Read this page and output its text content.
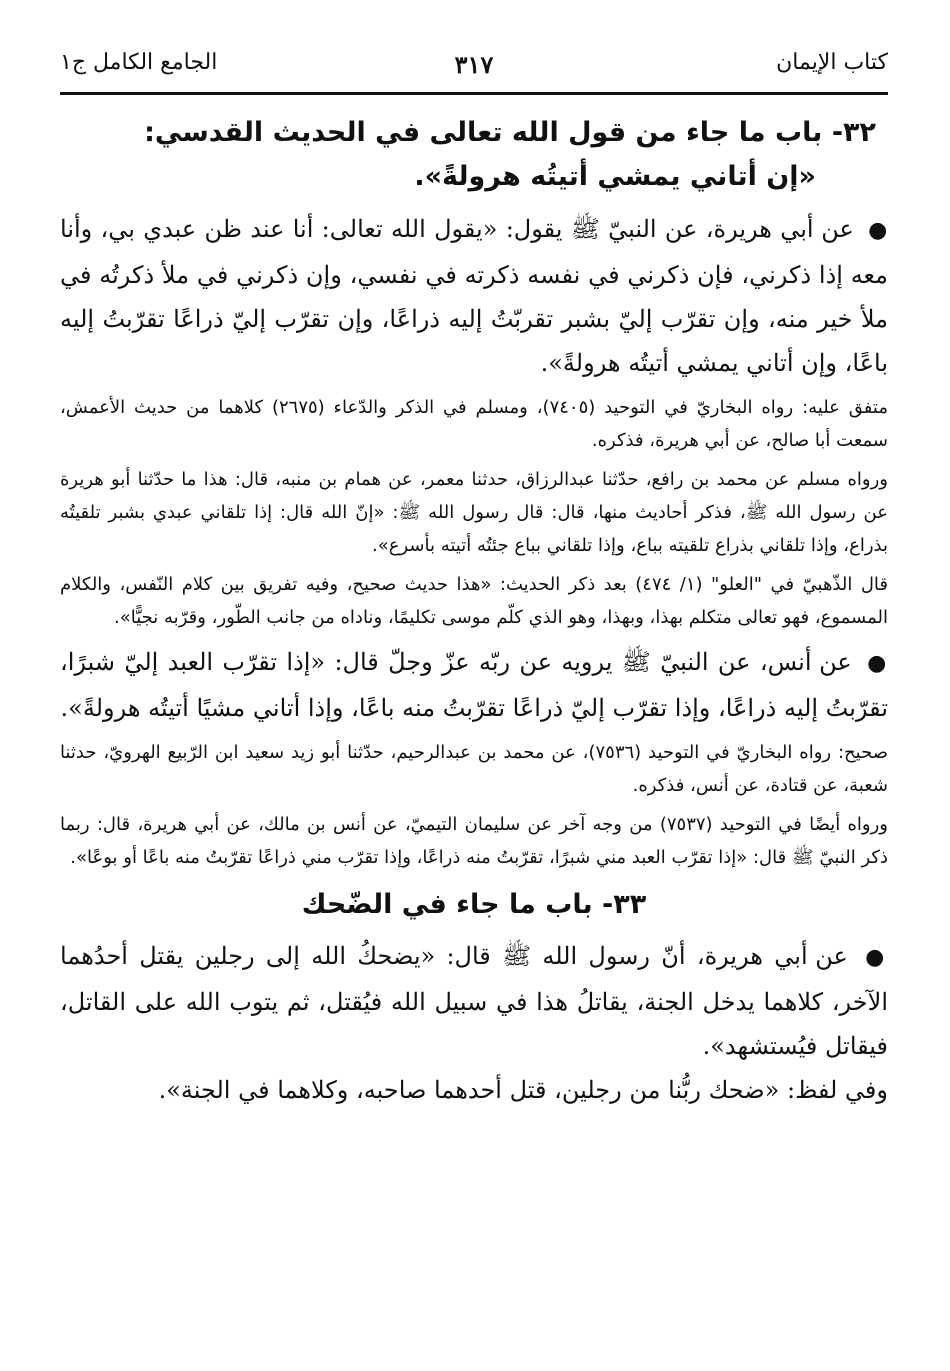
كتاب الإيمان
٣١٧
الجامع الكامل ج١
٣٢- باب ما جاء من قول الله تعالى في الحديث القدسي:
«إن أتاني يمشي أتيتُه هرولةً».

● عن أبي هريرة، عن النبيّ ﷺ يقول: «يقول الله تعالى: أنا عند ظن عبدي بي، وأنا معه إذا ذكرني، فإن ذكرني في نفسه ذكرته في نفسي، وإن ذكرني في ملأ ذكرتُه في ملأ خير منه، وإن تقرّب إليّ بشبر تقربّتُ إليه ذراعًا، وإن تقرّب إليّ ذراعًا تقرّبتُ إليه باعًا، وإن أتاني يمشي أتيتُه هرولةً».

متفق عليه: رواه البخاريّ في التوحيد (٧٤٠٥)، ومسلم في الذكر والدّعاء (٢٦٧٥) كلاهما من حديث الأعمش، سمعت أبا صالح، عن أبي هريرة، فذكره.

ورواه مسلم عن محمد بن رافع، حدّثنا عبدالرزاق، حدثنا معمر، عن همام بن منبه، قال: هذا ما حدّثنا أبو هريرة عن رسول الله ﷺ، فذكر أحاديث منها، قال: قال رسول الله ﷺ: «إنّ الله قال: إذا تلقاني عبدي بشبر تلقيتُه بذراع، وإذا تلقاني بذراع تلقيته بباع، وإذا تلقاني بباع جئتُه أتيته بأسرع».

قال الذّهبيّ في "العلو" (١/ ٤٧٤) بعد ذكر الحديث: «هذا حديث صحيح، وفيه تفريق بين كلام النّفس، والكلام المسموع، فهو تعالى متكلم بهذا، وبهذا، وهو الذي كلّم موسى تكليمًا، وناداه من جانب الطّور، وقرّبه نجيًّا».

● عن أنس، عن النبيّ ﷺ يرويه عن ربّه عزّ وجلّ قال: «إذا تقرّب العبد إليّ شبرًا، تقرّبتُ إليه ذراعًا، وإذا تقرّب إليّ ذراعًا تقرّبتُ منه باعًا، وإذا أتاني مشيًا أتيتُه هرولةً».

صحيح: رواه البخاريّ في التوحيد (٧٥٣٦)، عن محمد بن عبدالرحيم، حدّثنا أبو زيد سعيد ابن الرّبيع الهرويّ، حدثنا شعبة، عن قتادة، عن أنس، فذكره.

ورواه أيضًا في التوحيد (٧٥٣٧) من وجه آخر عن سليمان التيميّ، عن أنس بن مالك، عن أبي هريرة، قال: ربما ذكر النبيّ ﷺ قال: «إذا تقرّب العبد مني شبرًا، تقرّبتُ منه ذراعًا، وإذا تقرّب مني ذراعًا تقرّبتُ منه باعًا أو بوعًا».

٣٣- باب ما جاء في الضّحك

● عن أبي هريرة، أنّ رسول الله ﷺ قال: «يضحكُ الله إلى رجلين يقتل أحدُهما الآخر، كلاهما يدخل الجنة، يقاتلُ هذا في سبيل الله فيُقتل، ثم يتوب الله على القاتل، فيقاتل فيُستشهد».

وفي لفظ: «ضحك ربُّنا من رجلين، قتل أحدهما صاحبه، وكلاهما في الجنة».
